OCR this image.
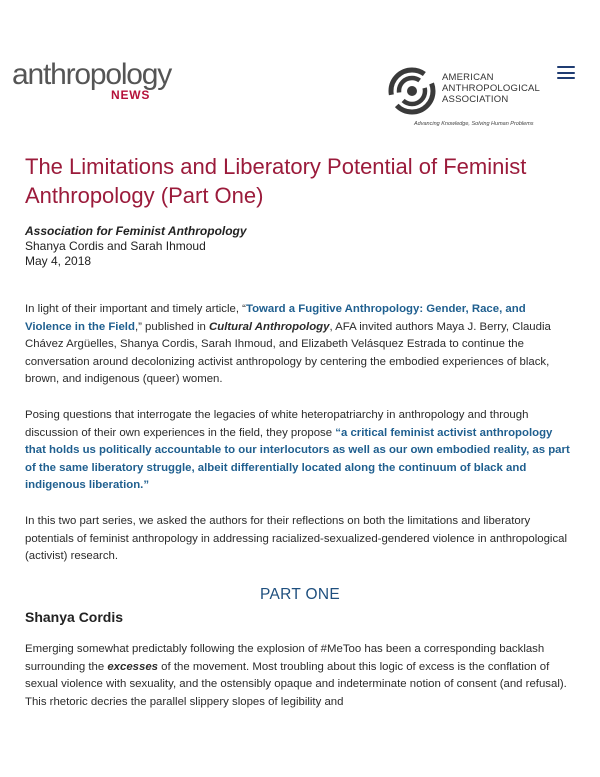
anthropology
NEWS
AMERICAN
ANTHROPOLOGICAL
ASSOCIATION
Advancing Knowledge, Solving Human Problems
The Limitations and Liberatory Potential of Feminist Anthropology (Part One)
Association for Feminist Anthropology
Shanya Cordis and Sarah Ihmoud
May 4, 2018

In light of their important and timely article, “Toward a Fugitive Anthropology: Gender, Race, and Violence in the Field,” published in Cultural Anthropology, AFA invited authors Maya J. Berry, Claudia Chávez Argüelles, Shanya Cordis, Sarah Ihmoud, and Elizabeth Velásquez Estrada to continue the conversation around decolonizing activist anthropology by centering the embodied experiences of black, brown, and indigenous (queer) women.

Posing questions that interrogate the legacies of white heteropatriarchy in anthropology and through discussion of their own experiences in the field, they propose “a critical feminist activist anthropology that holds us politically accountable to our interlocutors as well as our own embodied reality, as part of the same liberatory struggle, albeit differentially located along the continuum of black and indigenous liberation.”

In this two part series, we asked the authors for their reflections on both the limitations and liberatory potentials of feminist anthropology in addressing racialized-sexualized-gendered violence in anthropological (activist) research.

PART ONE
Shanya Cordis

Emerging somewhat predictably following the explosion of #MeToo has been a corresponding backlash surrounding the excesses of the movement. Most troubling about this logic of excess is the conflation of sexual violence with sexuality, and the ostensibly opaque and indeterminate notion of consent (and refusal). This rhetoric decries the parallel slippery slopes of legibility and
